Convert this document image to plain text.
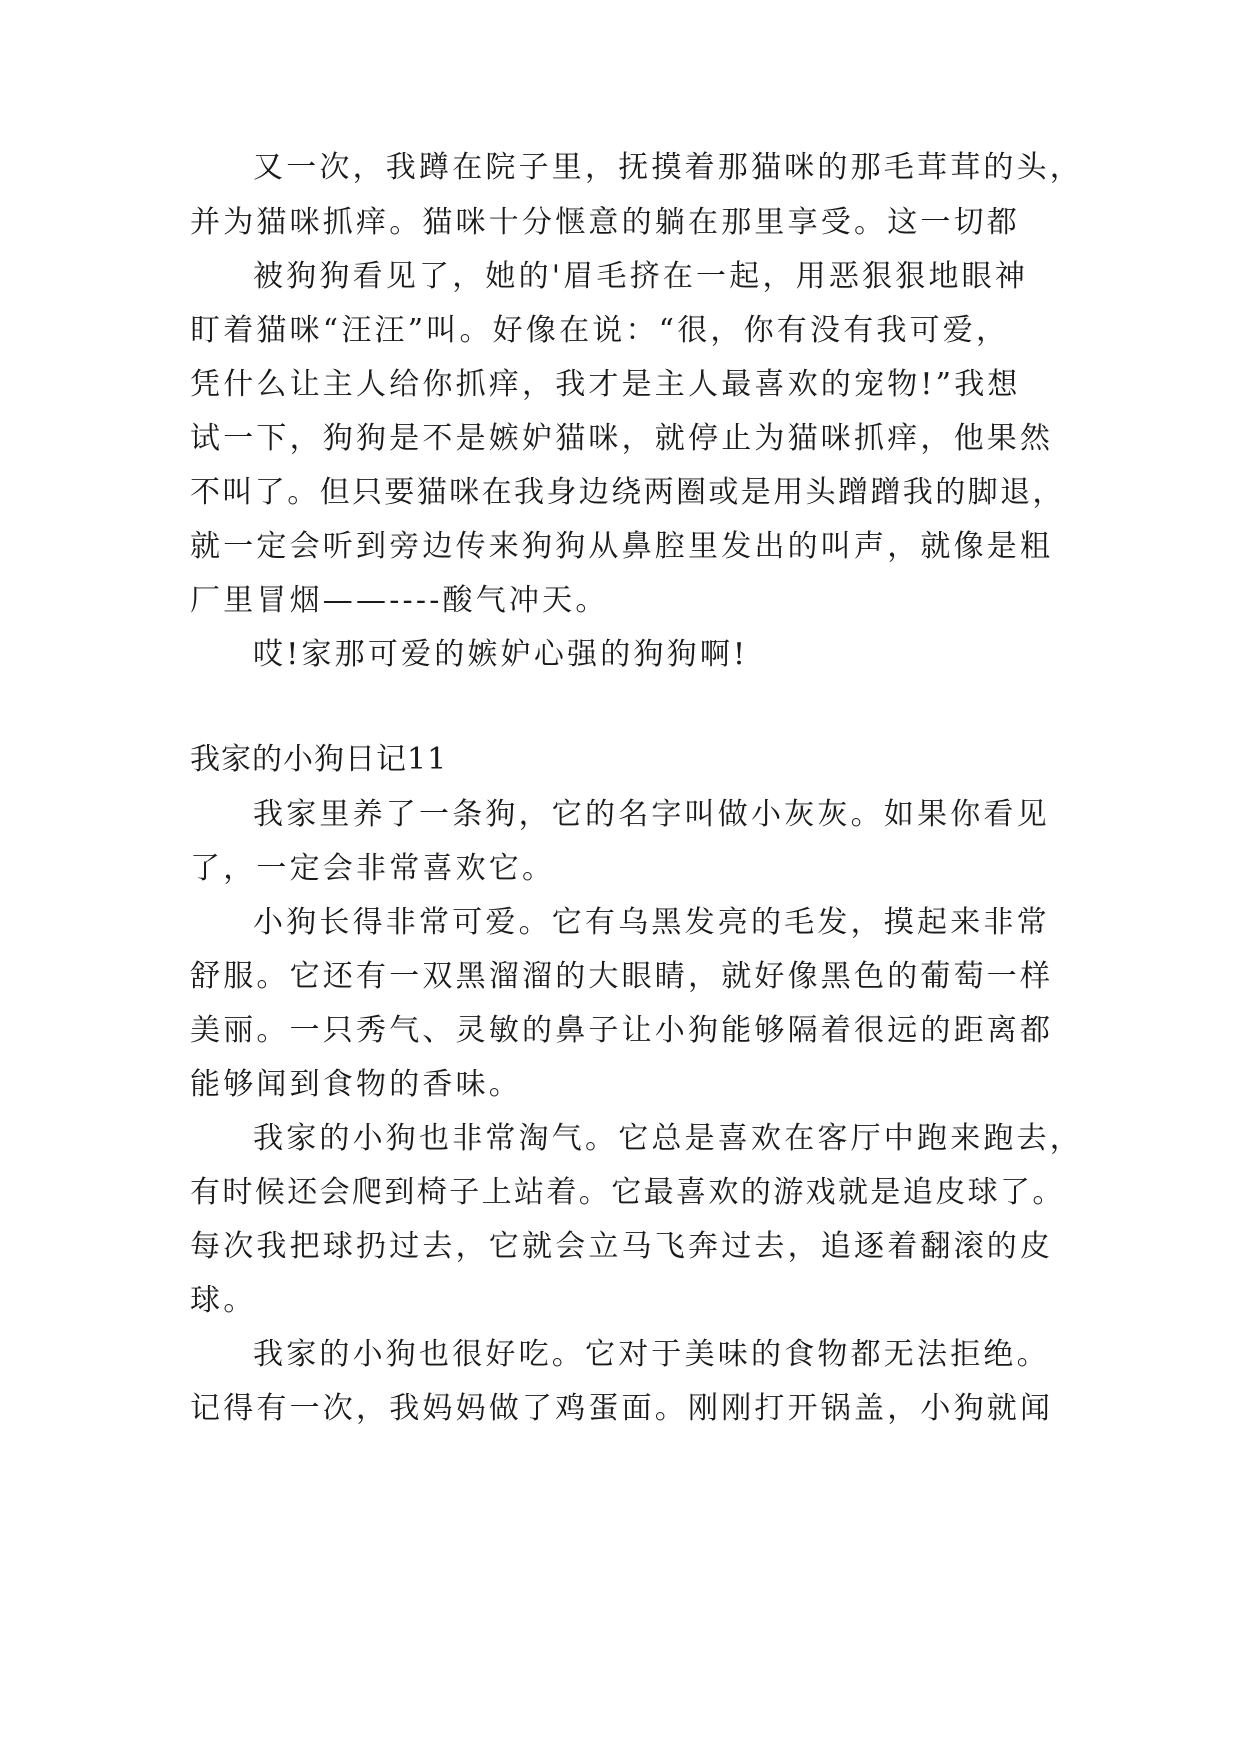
又一次，我蹲在院子里，抚摸着那猫咪的那毛茸茸的头，
并为猫咪抓痒。猫咪十分惬意的躺在那里享受。这一切都
被狗狗看见了，她的'眉毛挤在一起，用恶狠狠地眼神
盯着猫咪“汪汪”叫。好像在说：“很，你有没有我可爱，
凭什么让主人给你抓痒，我才是主人最喜欢的宠物!”我想
试一下，狗狗是不是嫉妒猫咪，就停止为猫咪抓痒，他果然
不叫了。但只要猫咪在我身边绕两圈或是用头蹭蹭我的脚退，
就一定会听到旁边传来狗狗从鼻腔里发出的叫声，就像是粗
厂里冒烟——----酸气冲天。
哎!家那可爱的嫉妒心强的狗狗啊!
我家的小狗日记11
我家里养了一条狗，它的名字叫做小灰灰。如果你看见
了，一定会非常喜欢它。
小狗长得非常可爱。它有乌黑发亮的毛发，摸起来非常
舒服。它还有一双黑溜溜的大眼睛，就好像黑色的葡萄一样
美丽。一只秀气、灵敏的鼻子让小狗能够隔着很远的距离都
能够闻到食物的香味。
我家的小狗也非常淘气。它总是喜欢在客厅中跑来跑去，
有时候还会爬到椅子上站着。它最喜欢的游戏就是追皮球了。
每次我把球扔过去，它就会立马飞奔过去，追逐着翻滚的皮
球。
我家的小狗也很好吃。它对于美味的食物都无法拒绝。
记得有一次，我妈妈做了鸡蛋面。刚刚打开锅盖，小狗就闻
